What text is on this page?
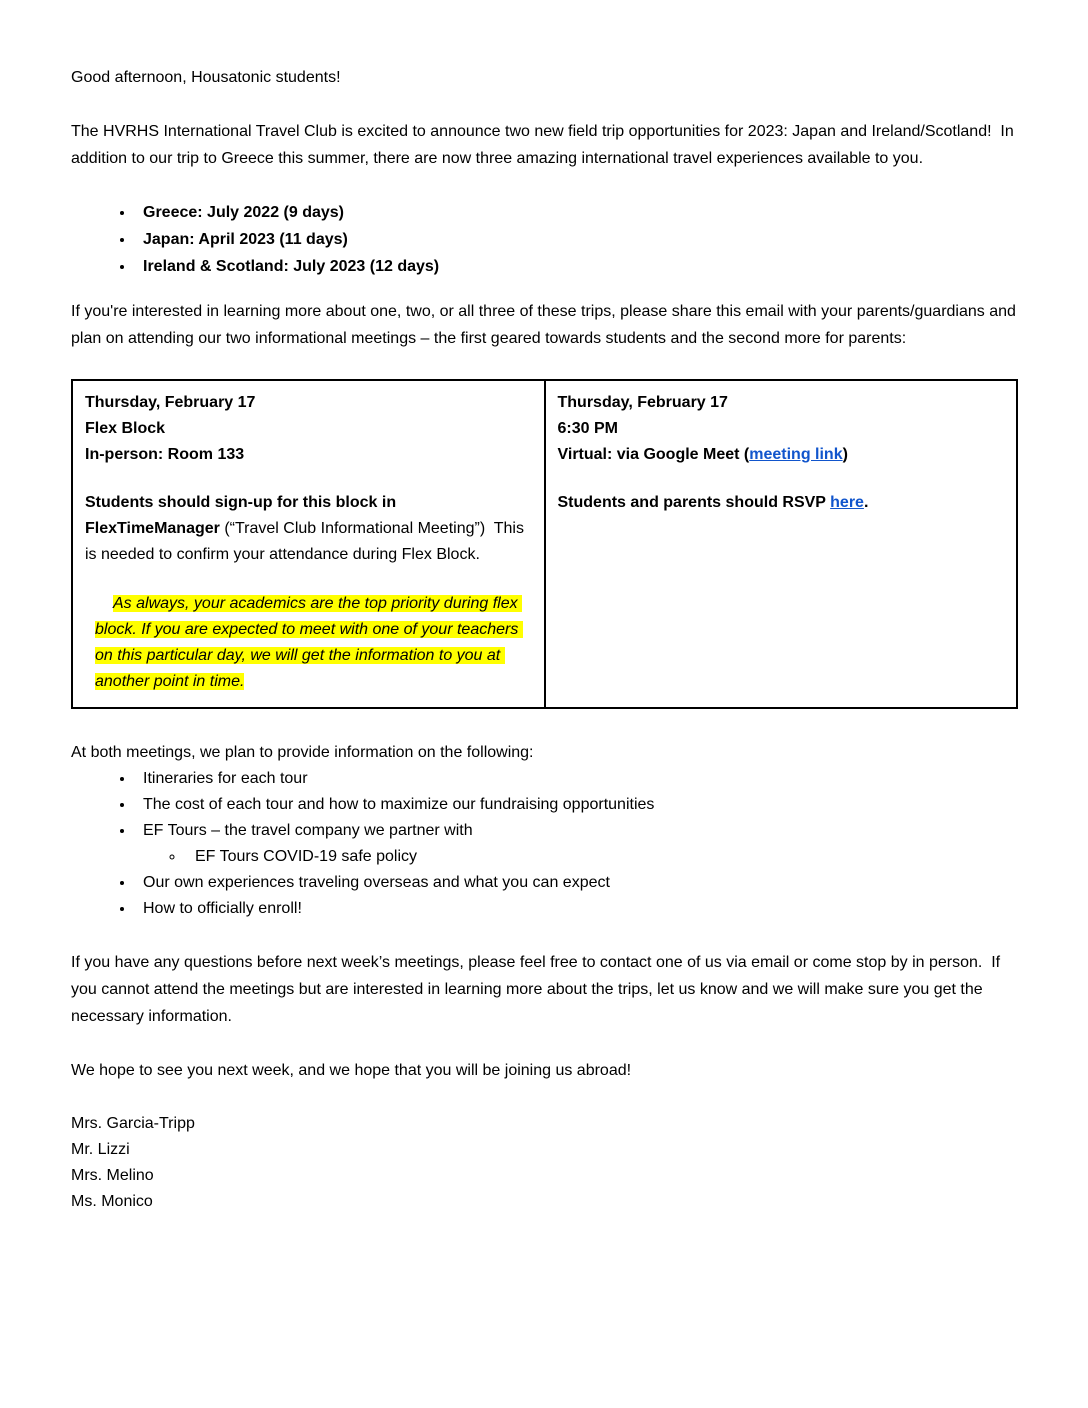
Good afternoon, Housatonic students!

The HVRHS International Travel Club is excited to announce two new field trip opportunities for 2023: Japan and Ireland/Scotland!  In addition to our trip to Greece this summer, there are now three amazing international travel experiences available to you.

• Greece: July 2022 (9 days)
• Japan: April 2023 (11 days)
• Ireland & Scotland: July 2023 (12 days)

If you're interested in learning more about one, two, or all three of these trips, please share this email with your parents/guardians and plan on attending our two informational meetings – the first geared towards students and the second more for parents:

Thursday, February 17

Flex Block

In-person: Room 133

Students should sign-up for this block in FlexTimeManager (“Travel Club Informational Meeting”)  This is needed to confirm your attendance during Flex Block.

As always, your academics are the top priority during flex block. If you are expected to meet with one of your teachers on this particular day, we will get the information to you at another point in time.

Thursday, February 17

6:30 PM

Virtual: via Google Meet (meeting link)

Students and parents should RSVP here.

At both meetings, we plan to provide information on the following:

• Itineraries for each tour
• The cost of each tour and how to maximize our fundraising opportunities
• EF Tours – the travel company we partner with
◦ EF Tours COVID-19 safe policy
• Our own experiences traveling overseas and what you can expect
• How to officially enroll!

If you have any questions before next week’s meetings, please feel free to contact one of us via email or come stop by in person.  If you cannot attend the meetings but are interested in learning more about the trips, let us know and we will make sure you get the necessary information.

We hope to see you next week, and we hope that you will be joining us abroad!

Mrs. Garcia-Tripp

Mr. Lizzi

Mrs. Melino

Ms. Monico
